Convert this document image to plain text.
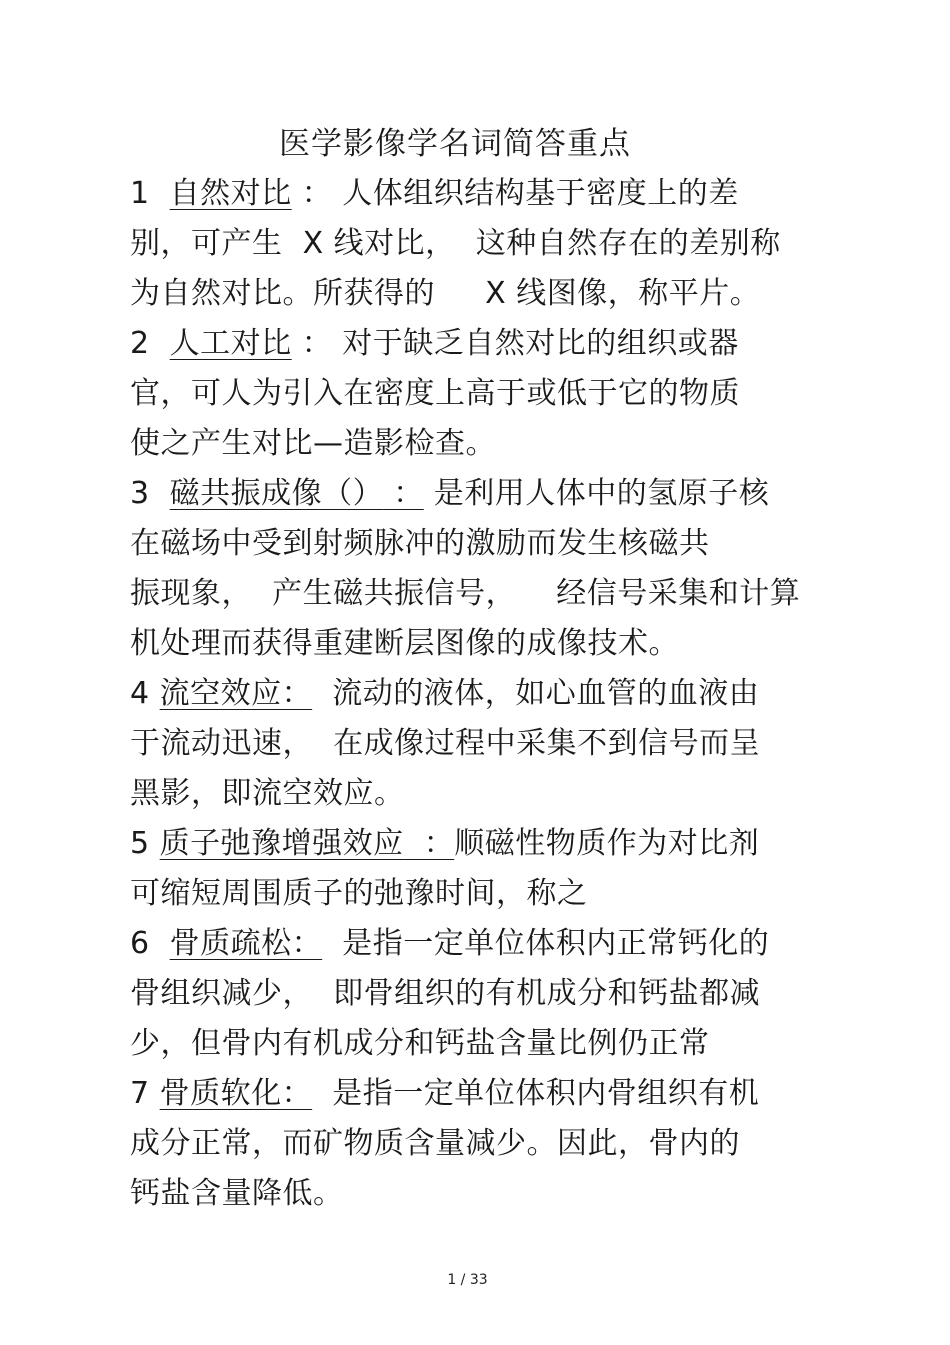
医学影像学名词简答重点
1 自然对比 ： 人体组织结构基于密度上的差
别，可产生  X 线对比，  这种自然存在的差别称
为自然对比。所获得的     X 线图像，称平片。
2 人工对比 ： 对于缺乏自然对比的组织或器
官，可人为引入在密度上高于或低于它的物质
使之产生对比—造影检查。
3 磁共振成像（） ： 是利用人体中的氢原子核
在磁场中受到射频脉冲的激励而发生核磁共
振现象，  产生磁共振信号，    经信号采集和计算
机处理而获得重建断层图像的成像技术。
4 流空效应： 流动的液体，如心血管的血液由
于流动迅速，  在成像过程中采集不到信号而呈
黑影，即流空效应。
5 质子弛豫增强效应  ：顺磁性物质作为对比剂
可缩短周围质子的弛豫时间，称之
6 骨质疏松： 是指一定单位体积内正常钙化的
骨组织减少，  即骨组织的有机成分和钙盐都减
少，但骨内有机成分和钙盐含量比例仍正常
7 骨质软化： 是指一定单位体积内骨组织有机
成分正常，而矿物质含量减少。因此，骨内的
钙盐含量降低。
1 / 33
